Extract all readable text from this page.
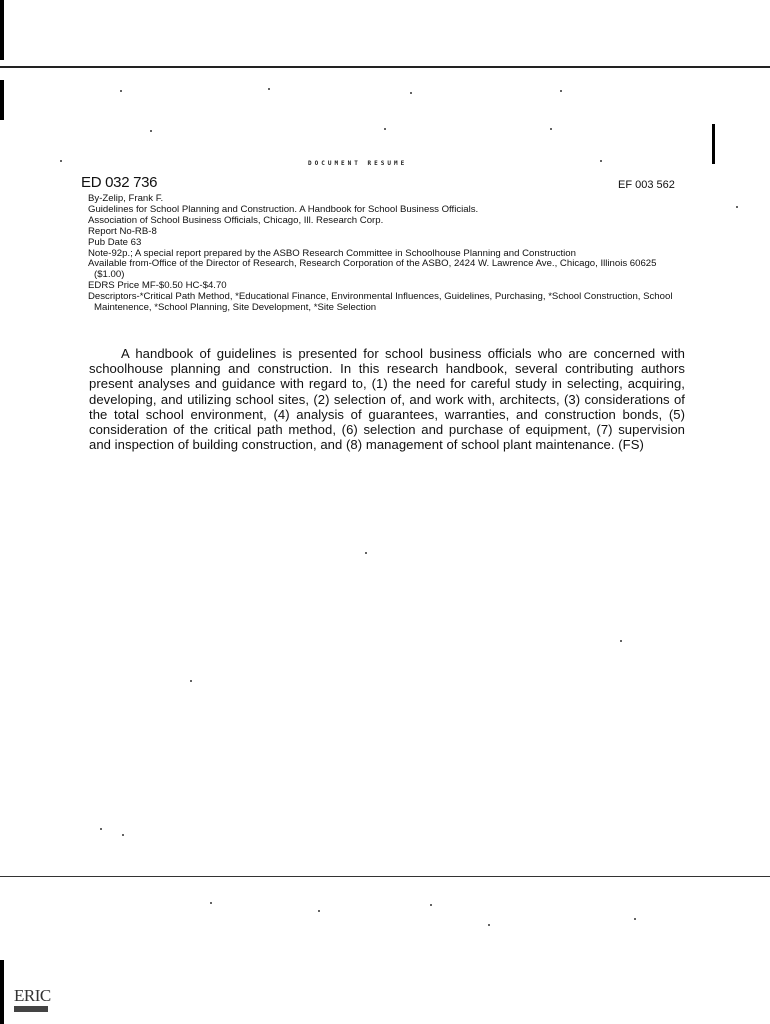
DOCUMENT RESUME
ED 032 736	EF 003 562
By-Zelip, Frank F.
Guidelines for School Planning and Construction. A Handbook for School Business Officials.
Association of School Business Officials, Chicago, Ill. Research Corp.
Report No-RB-8
Pub Date 63
Note-92p.; A special report prepared by the ASBO Research Committee in Schoolhouse Planning and Construction
Available from-Office of the Director of Research, Research Corporation of the ASBO, 2424 W. Lawrence Ave., Chicago, Illinois 60625 ($1.00)
EDRS Price MF-$0.50 HC-$4.70
Descriptors-*Critical Path Method, *Educational Finance, Environmental Influences, Guidelines, Purchasing, *School Construction, School Maintenence, *School Planning, Site Development, *Site Selection
A handbook of guidelines is presented for school business officials who are concerned with schoolhouse planning and construction. In this research handbook, several contributing authors present analyses and guidance with regard to, (1) the need for careful study in selecting, acquiring, developing, and utilizing school sites, (2) selection of, and work with, architects, (3) considerations of the total school environment, (4) analysis of guarantees, warranties, and construction bonds, (5) consideration of the critical path method, (6) selection and purchase of equipment, (7) supervision and inspection of building construction, and (8) management of school plant maintenance. (FS)
ERIC
